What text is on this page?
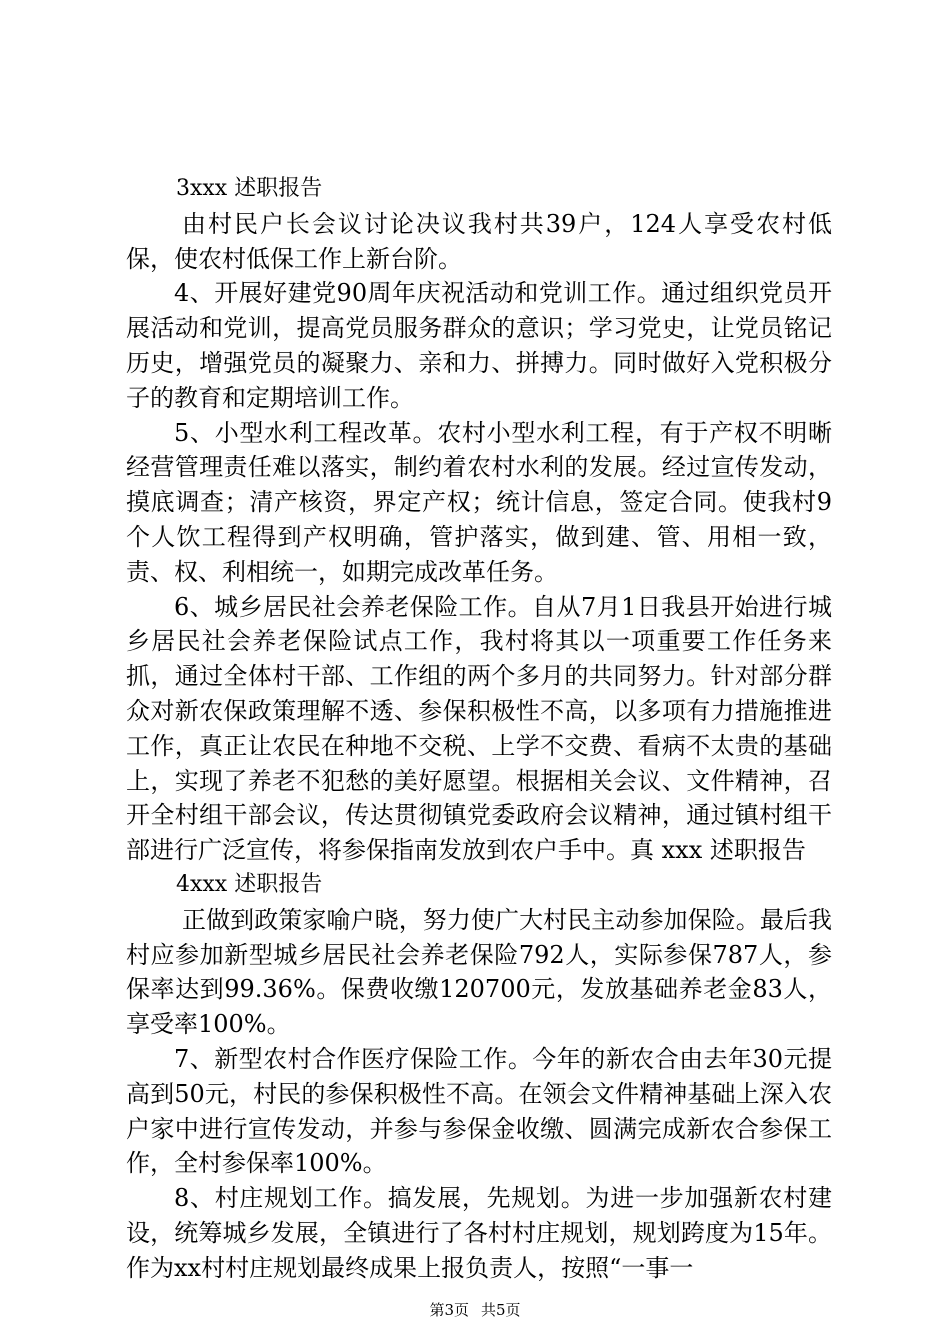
3xxx 述职报告

由村民户长会议讨论决议我村共39户，124人享受农村低保，使农村低保工作上新台阶。

4、开展好建党90周年庆祝活动和党训工作。通过组织党员开展活动和党训，提高党员服务群众的意识；学习党史，让党员铭记历史，增强党员的凝聚力、亲和力、拼搏力。同时做好入党积极分子的教育和定期培训工作。

5、小型水利工程改革。农村小型水利工程，有于产权不明晰经营管理责任难以落实，制约着农村水利的发展。经过宣传发动，摸底调查；清产核资，界定产权；统计信息，签定合同。使我村9个人饮工程得到产权明确，管护落实，做到建、管、用相一致，责、权、利相统一，如期完成改革任务。

6、城乡居民社会养老保险工作。自从7月1日我县开始进行城乡居民社会养老保险试点工作，我村将其以一项重要工作任务来抓，通过全体村干部、工作组的两个多月的共同努力。针对部分群众对新农保政策理解不透、参保积极性不高，以多项有力措施推进工作，真正让农民在种地不交税、上学不交费、看病不太贵的基础上，实现了养老不犯愁的美好愿望。根据相关会议、文件精神，召开全村组干部会议，传达贯彻镇党委政府会议精神，通过镇村组干部进行广泛宣传，将参保指南发放到农户手中。真 xxx 述职报告

4xxx 述职报告

正做到政策家喻户晓，努力使广大村民主动参加保险。最后我村应参加新型城乡居民社会养老保险792人，实际参保787人，参保率达到99.36%。保费收缴120700元，发放基础养老金83人，享受率100%。

7、新型农村合作医疗保险工作。今年的新农合由去年30元提高到50元，村民的参保积极性不高。在领会文件精神基础上深入农户家中进行宣传发动，并参与参保金收缴、圆满完成新农合参保工作，全村参保率100%。

8、村庄规划工作。搞发展，先规划。为进一步加强新农村建设，统筹城乡发展，全镇进行了各村村庄规划，规划跨度为15年。作为xx村村庄规划最终成果上报负责人，按照“一事一

第3页 共5页
